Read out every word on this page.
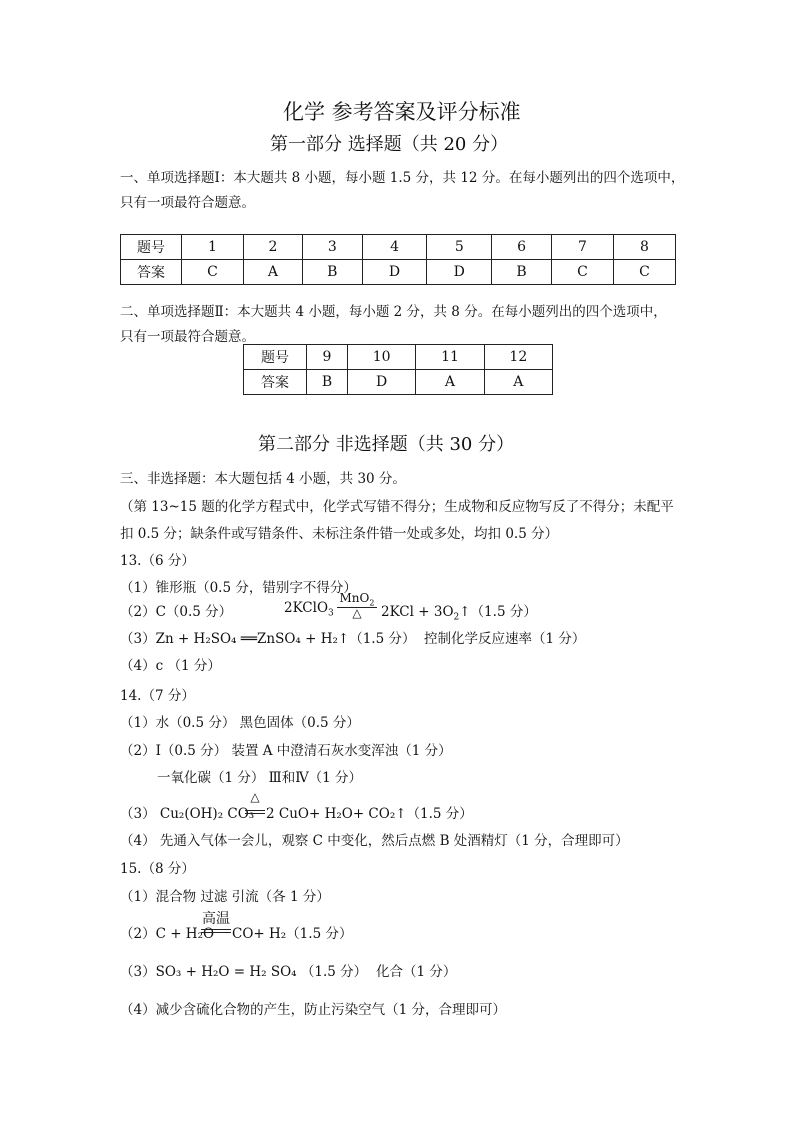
化学 参考答案及评分标准
第一部分 选择题（共 20 分）
一、单项选择题Ⅰ：本大题共 8 小题，每小题 1.5 分，共 12 分。在每小题列出的四个选项中，
只有一项最符合题意。
题号	1	2	3	4	5	6	7	8
答案	C	A	B	D	D	B	C	C
二、单项选择题Ⅱ：本大题共 4 小题，每小题 2 分，共 8 分。在每小题列出的四个选项中，
只有一项最符合题意。
题号	9	10	11	12
答案	B	D	A	A
第二部分 非选择题（共 30 分）
三、非选择题：本大题包括 4 小题，共 30 分。
（第 13~15 题的化学方程式中，化学式写错不得分；生成物和反应物写反了不得分；未配平
扣 0.5 分；缺条件或写错条件、未标注条件错一处或多处，均扣 0.5 分）
13.（6 分）
（1）锥形瓶（0.5 分，错别字不得分）
（2）C（0.5 分）	2KClO$_3$
MnO$_2$
△	$2KCl + 3O_2↑(1.5$ 分）
（3）Zn + H₂SO₄ ══ZnSO₄ + H₂↑（1.5 分） 控制化学反应速率（1 分）
（4）c （1 分）
14.（7 分）
（1）水（0.5 分） 黑色固体（0.5 分）
（2）Ⅰ（0.5 分） 装置 A 中澄清石灰水变浑浊（1 分）
一氧化碳（1 分） Ⅲ和Ⅳ（1 分）
（3） Cu₂(OH)₂ CO₃
△
2 CuO+ H₂O+ CO₂↑（1.5 分）
（4） 先通入气体一会儿，观察 C 中变化，然后点燃 B 处酒精灯（1 分，合理即可）
15.（8 分）
（1）混合物 过滤 引流（各 1 分）
（2）C + H₂O
高温
CO+ H₂（1.5 分）
（3）SO₃ + H₂O = H₂ SO₄ （1.5 分） 化合（1 分）
（4）减少含硫化合物的产生，防止污染空气（1 分，合理即可）
